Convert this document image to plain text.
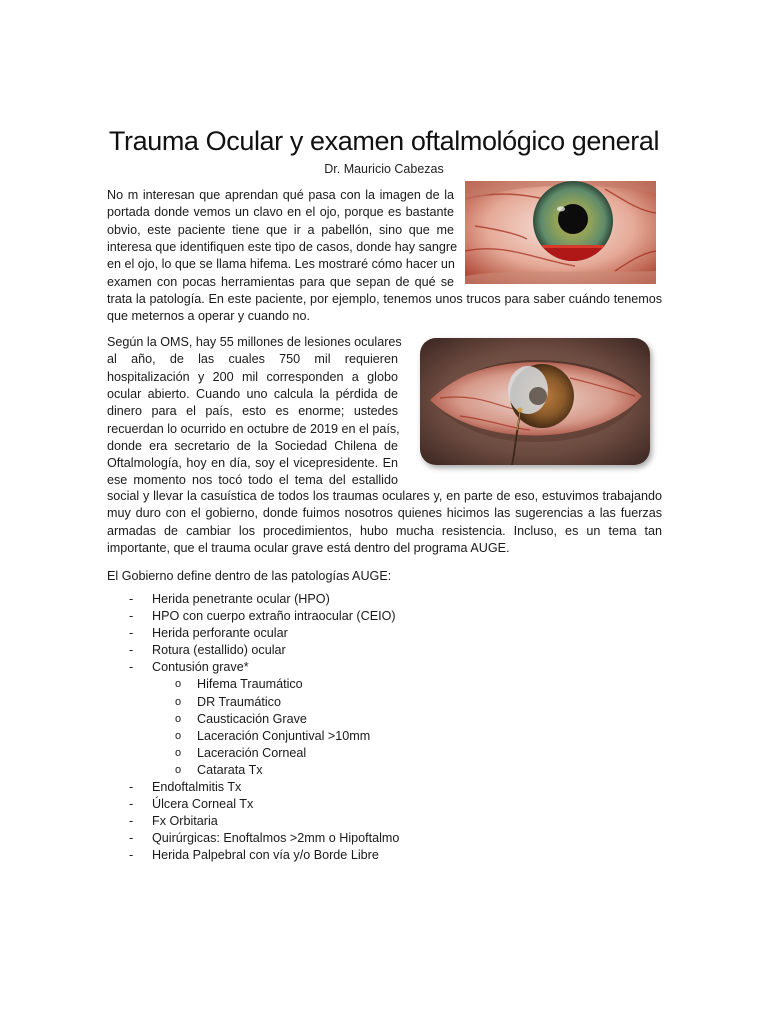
Trauma Ocular y examen oftalmológico general
Dr. Mauricio Cabezas
No m interesan que aprendan qué pasa con la imagen de la
portada donde vemos un clavo en el ojo, porque es bastante
obvio, este paciente tiene que ir a pabellón, sino que me
interesa que identifiquen este tipo de casos, donde hay sangre
en el ojo, lo que se llama hifema. Les mostraré cómo hacer un
examen con pocas herramientas para que sepan de qué se

trata la patología. En este paciente, por ejemplo, tenemos unos trucos para saber cuándo tenemos que meternos a operar y cuando no.

Según la OMS, hay 55 millones de lesiones oculares
al año, de las cuales 750 mil requieren
hospitalización y 200 mil corresponden a globo
ocular abierto. Cuando uno calcula la pérdida de
dinero para el país, esto es enorme; ustedes
recuerdan lo ocurrido en octubre de 2019 en el país,
donde era secretario de la Sociedad Chilena de
Oftalmología, hoy en día, soy el vicepresidente. En
ese momento nos tocó todo el tema del estallido

social y llevar la casuística de todos los traumas oculares y, en parte de eso, estuvimos trabajando muy duro con el gobierno, donde fuimos nosotros quienes hicimos las sugerencias a las fuerzas armadas de cambiar los procedimientos, hubo mucha resistencia. Incluso, es un tema tan importante, que el trauma ocular grave está dentro del programa AUGE.

El Gobierno define dentro de las patologías AUGE:

- Herida penetrante ocular (HPO)
- HPO con cuerpo extraño intraocular (CEIO)
- Herida perforante ocular
- Rotura (estallido) ocular
- Contusión grave*
o Hifema Traumático
o DR Traumático
o Causticación Grave
o Laceración Conjuntival >10mm
o Laceración Corneal
o Catarata Tx
- Endoftalmitis Tx
- Úlcera Corneal Tx
- Fx Orbitaria
- Quirúrgicas: Enoftalmos >2mm o Hipoftalmo
- Herida Palpebral con vía y/o Borde Libre
